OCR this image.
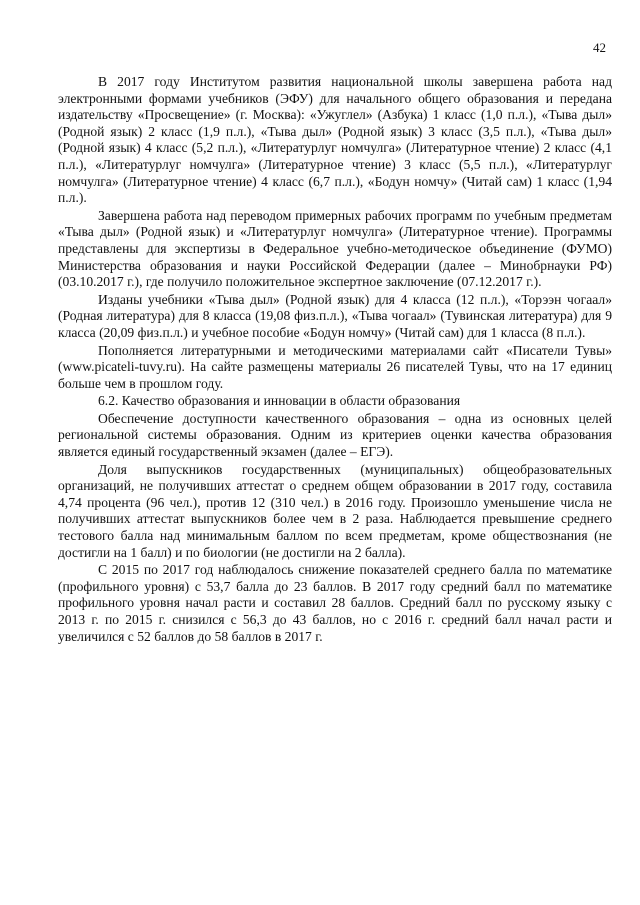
42

В 2017 году Институтом развития национальной школы завершена работа над электронными формами учебников (ЭФУ) для начального общего образования и передана издательству «Просвещение» (г. Москва): «Ужуглел» (Азбука) 1 класс (1,0 п.л.), «Тыва дыл» (Родной язык) 2 класс (1,9 п.л.), «Тыва дыл» (Родной язык) 3 класс (3,5 п.л.), «Тыва дыл» (Родной язык) 4 класс (5,2 п.л.), «Литературлуг номчулга» (Литературное чтение) 2 класс (4,1 п.л.), «Литературлуг номчулга» (Литературное чтение) 3 класс (5,5 п.л.), «Литературлуг номчулга» (Литературное чтение) 4 класс (6,7 п.л.), «Бодун номчу» (Читай сам) 1 класс (1,94 п.л.).

Завершена работа над переводом примерных рабочих программ по учебным предметам «Тыва дыл» (Родной язык) и «Литературлуг номчулга» (Литературное чтение). Программы представлены для экспертизы в Федеральное учебно-методическое объединение (ФУМО) Министерства образования и науки Российской Федерации (далее – Минобрнауки РФ) (03.10.2017 г.), где получило положительное экспертное заключение (07.12.2017 г.).

Изданы учебники «Тыва дыл» (Родной язык) для 4 класса (12 п.л.), «Торээн чогаал» (Родная литература) для 8 класса (19,08 физ.п.л.), «Тыва чогаал» (Тувинская литература) для 9 класса (20,09 физ.п.л.) и учебное пособие «Бодун номчу» (Читай сам) для 1 класса (8 п.л.).

Пополняется литературными и методическими материалами сайт «Писатели Тувы» (www.picateli-tuvy.ru). На сайте размещены материалы 26 писателей Тувы, что на 17 единиц больше чем в прошлом году.

6.2. Качество образования и инновации в области образования

Обеспечение доступности качественного образования – одна из основных целей региональной системы образования. Одним из критериев оценки качества образования является единый государственный экзамен (далее – ЕГЭ).

Доля выпускников государственных (муниципальных) общеобразовательных организаций, не получивших аттестат о среднем общем образовании в 2017 году, составила 4,74 процента (96 чел.), против 12 (310 чел.) в 2016 году. Произошло уменьшение числа не получивших аттестат выпускников более чем в 2 раза. Наблюдается превышение среднего тестового балла над минимальным баллом по всем предметам, кроме обществознания (не достигли на 1 балл) и по биологии (не достигли на 2 балла).

С 2015 по 2017 год наблюдалось снижение показателей среднего балла по математике (профильного уровня) с 53,7 балла до 23 баллов. В 2017 году средний балл по математике профильного уровня начал расти и составил 28 баллов. Средний балл по русскому языку с 2013 г. по 2015 г. снизился с 56,3 до 43 баллов, но с 2016 г. средний балл начал расти и увеличился с 52 баллов до 58 баллов в 2017 г.
